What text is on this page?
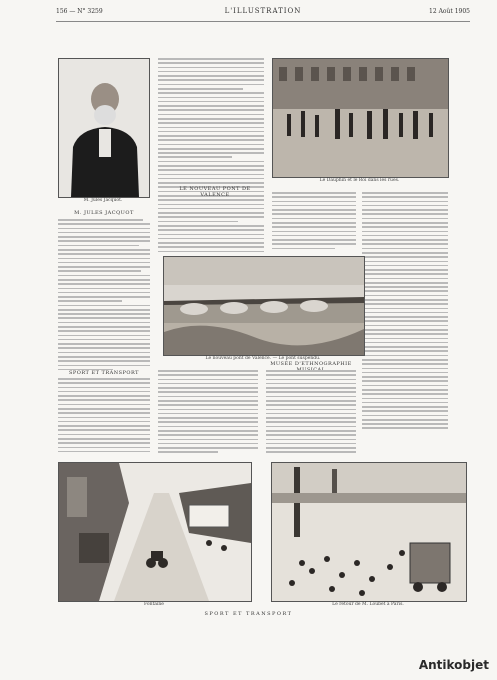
156 — N° 3259	L'ILLUSTRATION	12 Août 1905
M. Jules Jacquot.
Le Dauphin et le Roi dans les rues.
M. JULES JACQUOT
LE NOUVEAU PONT DE VALENCE
Le nouveau pont de Valence. — Le pont suspendu.
MUSÉE D'ETHNOGRAPHIE
SPORT ET TRANSPORT
Fontaine	Le retour de M. Loubet à Paris.
SPORT ET TRANSPORT
Antikobjet
